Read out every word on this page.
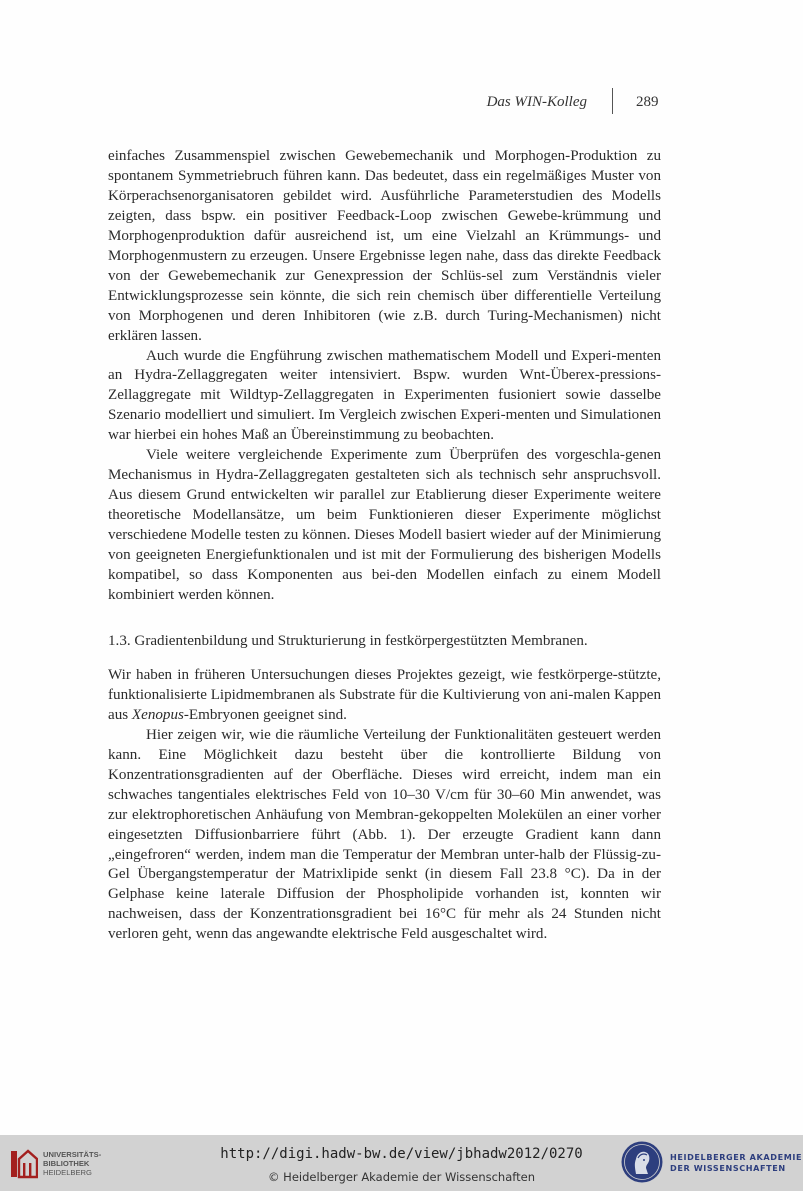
Das WIN-Kolleg	289

einfaches Zusammenspiel zwischen Gewebemechanik und Morphogen-Produktion zu spontanem Symmetriebruch führen kann. Das bedeutet, dass ein regelmäßiges Muster von Körperachsenorganisatoren gebildet wird. Ausführliche Parameterstudien des Modells zeigten, dass bspw. ein positiver Feedback-Loop zwischen Gewebe-krümmung und Morphogenproduktion dafür ausreichend ist, um eine Vielzahl an Krümmungs- und Morphogenmustern zu erzeugen. Unsere Ergebnisse legen nahe, dass das direkte Feedback von der Gewebemechanik zur Genexpression der Schlüs-sel zum Verständnis vieler Entwicklungsprozesse sein könnte, die sich rein chemisch über differentielle Verteilung von Morphogenen und deren Inhibitoren (wie z.B. durch Turing-Mechanismen) nicht erklären lassen.

Auch wurde die Engführung zwischen mathematischem Modell und Experi-menten an Hydra-Zellaggregaten weiter intensiviert. Bspw. wurden Wnt-Überex-pressions-Zellaggregate mit Wildtyp-Zellaggregaten in Experimenten fusioniert sowie dasselbe Szenario modelliert und simuliert. Im Vergleich zwischen Experi-menten und Simulationen war hierbei ein hohes Maß an Übereinstimmung zu beobachten.

Viele weitere vergleichende Experimente zum Überprüfen des vorgeschla-genen Mechanismus in Hydra-Zellaggregaten gestalteten sich als technisch sehr anspruchsvoll. Aus diesem Grund entwickelten wir parallel zur Etablierung dieser Experimente weitere theoretische Modellansätze, um beim Funktionieren dieser Experimente möglichst verschiedene Modelle testen zu können. Dieses Modell basiert wieder auf der Minimierung von geeigneten Energiefunktionalen und ist mit der Formulierung des bisherigen Modells kompatibel, so dass Komponenten aus bei-den Modellen einfach zu einem Modell kombiniert werden können.

1.3. Gradientenbildung und Strukturierung in festkörpergestützten Membranen.

Wir haben in früheren Untersuchungen dieses Projektes gezeigt, wie festkörperge-stützte, funktionalisierte Lipidmembranen als Substrate für die Kultivierung von ani-malen Kappen aus Xenopus-Embryonen geeignet sind.

Hier zeigen wir, wie die räumliche Verteilung der Funktionalitäten gesteuert werden kann. Eine Möglichkeit dazu besteht über die kontrollierte Bildung von Konzentrationsgradienten auf der Oberfläche. Dieses wird erreicht, indem man ein schwaches tangentiales elektrisches Feld von 10–30 V/cm für 30–60 Min anwendet, was zur elektrophoretischen Anhäufung von Membran-gekoppelten Molekülen an einer vorher eingesetzten Diffusionbarriere führt (Abb. 1). Der erzeugte Gradient kann dann „eingefroren“ werden, indem man die Temperatur der Membran unter-halb der Flüssig-zu-Gel Übergangstemperatur der Matrixlipide senkt (in diesem Fall 23.8 °C). Da in der Gelphase keine laterale Diffusion der Phospholipide vorhanden ist, konnten wir nachweisen, dass der Konzentrationsgradient bei 16°C für mehr als 24 Stunden nicht verloren geht, wenn das angewandte elektrische Feld ausgeschaltet wird.

UNIVERSITÄTS-
BIBLIOTHEK
HEIDELBERG
http://digi.hadw-bw.de/view/jbhadw2012/0270
© Heidelberger Akademie der Wissenschaften
HEIDELBERGER AKADEMIE
DER WISSENSCHAFTEN
